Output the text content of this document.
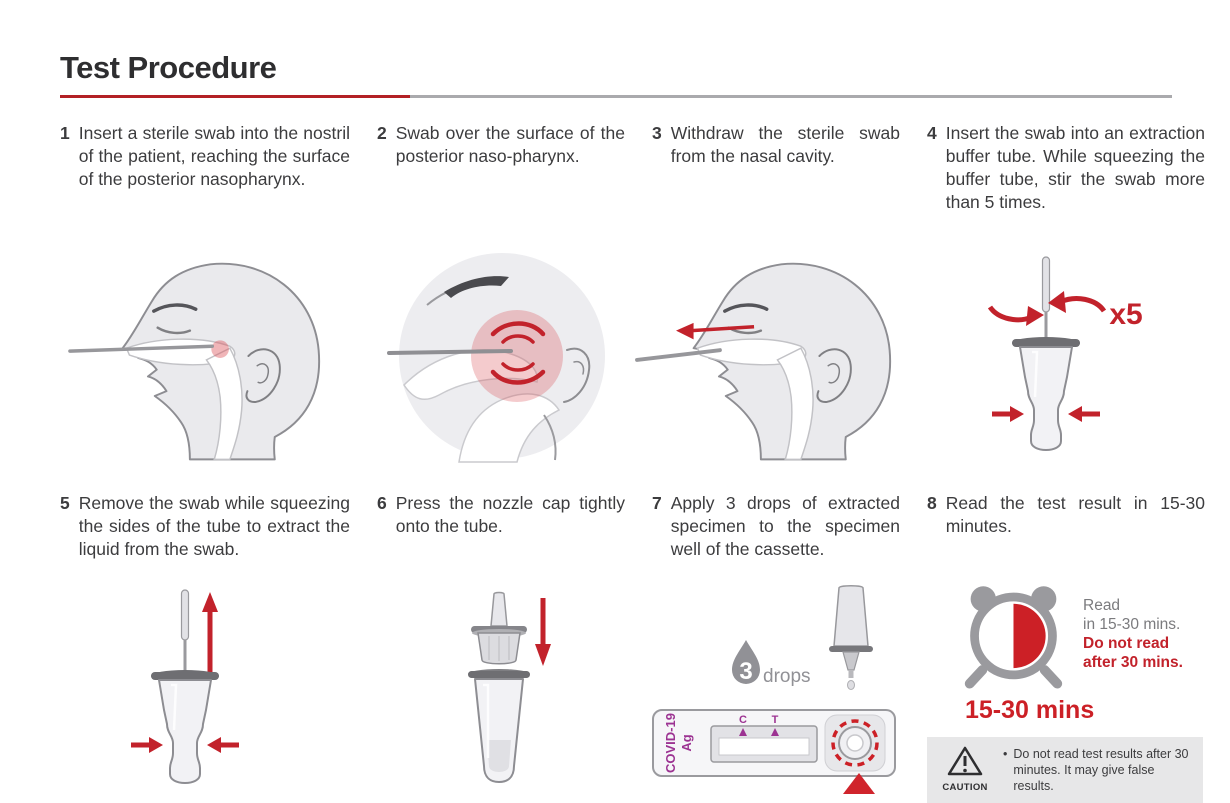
Test Procedure
1 Insert a sterile swab into the nostril of the patient, reaching the surface of the posterior nasopharynx.

2 Swab over the surface of the posterior naso-pharynx.

3 Withdraw the sterile swab from the nasal cavity.

4 Insert the swab into an extraction buffer tube. While squeezing the buffer tube, stir the swab more than 5 times.

x5
5 Remove the swab while squeezing the sides of the tube to extract the liquid from the swab.

6 Press the nozzle cap tightly onto the tube.

7 Apply 3 drops of extracted specimen to the specimen well of the cassette.

3 drops
COVID-19 Ag
C T
8 Read the test result in 15-30 minutes.

Read
in 15-30 mins.
Do not read
after 30 mins.
15-30 mins
CAUTION
• Do not read test results after 30 minutes. It may give false results.
